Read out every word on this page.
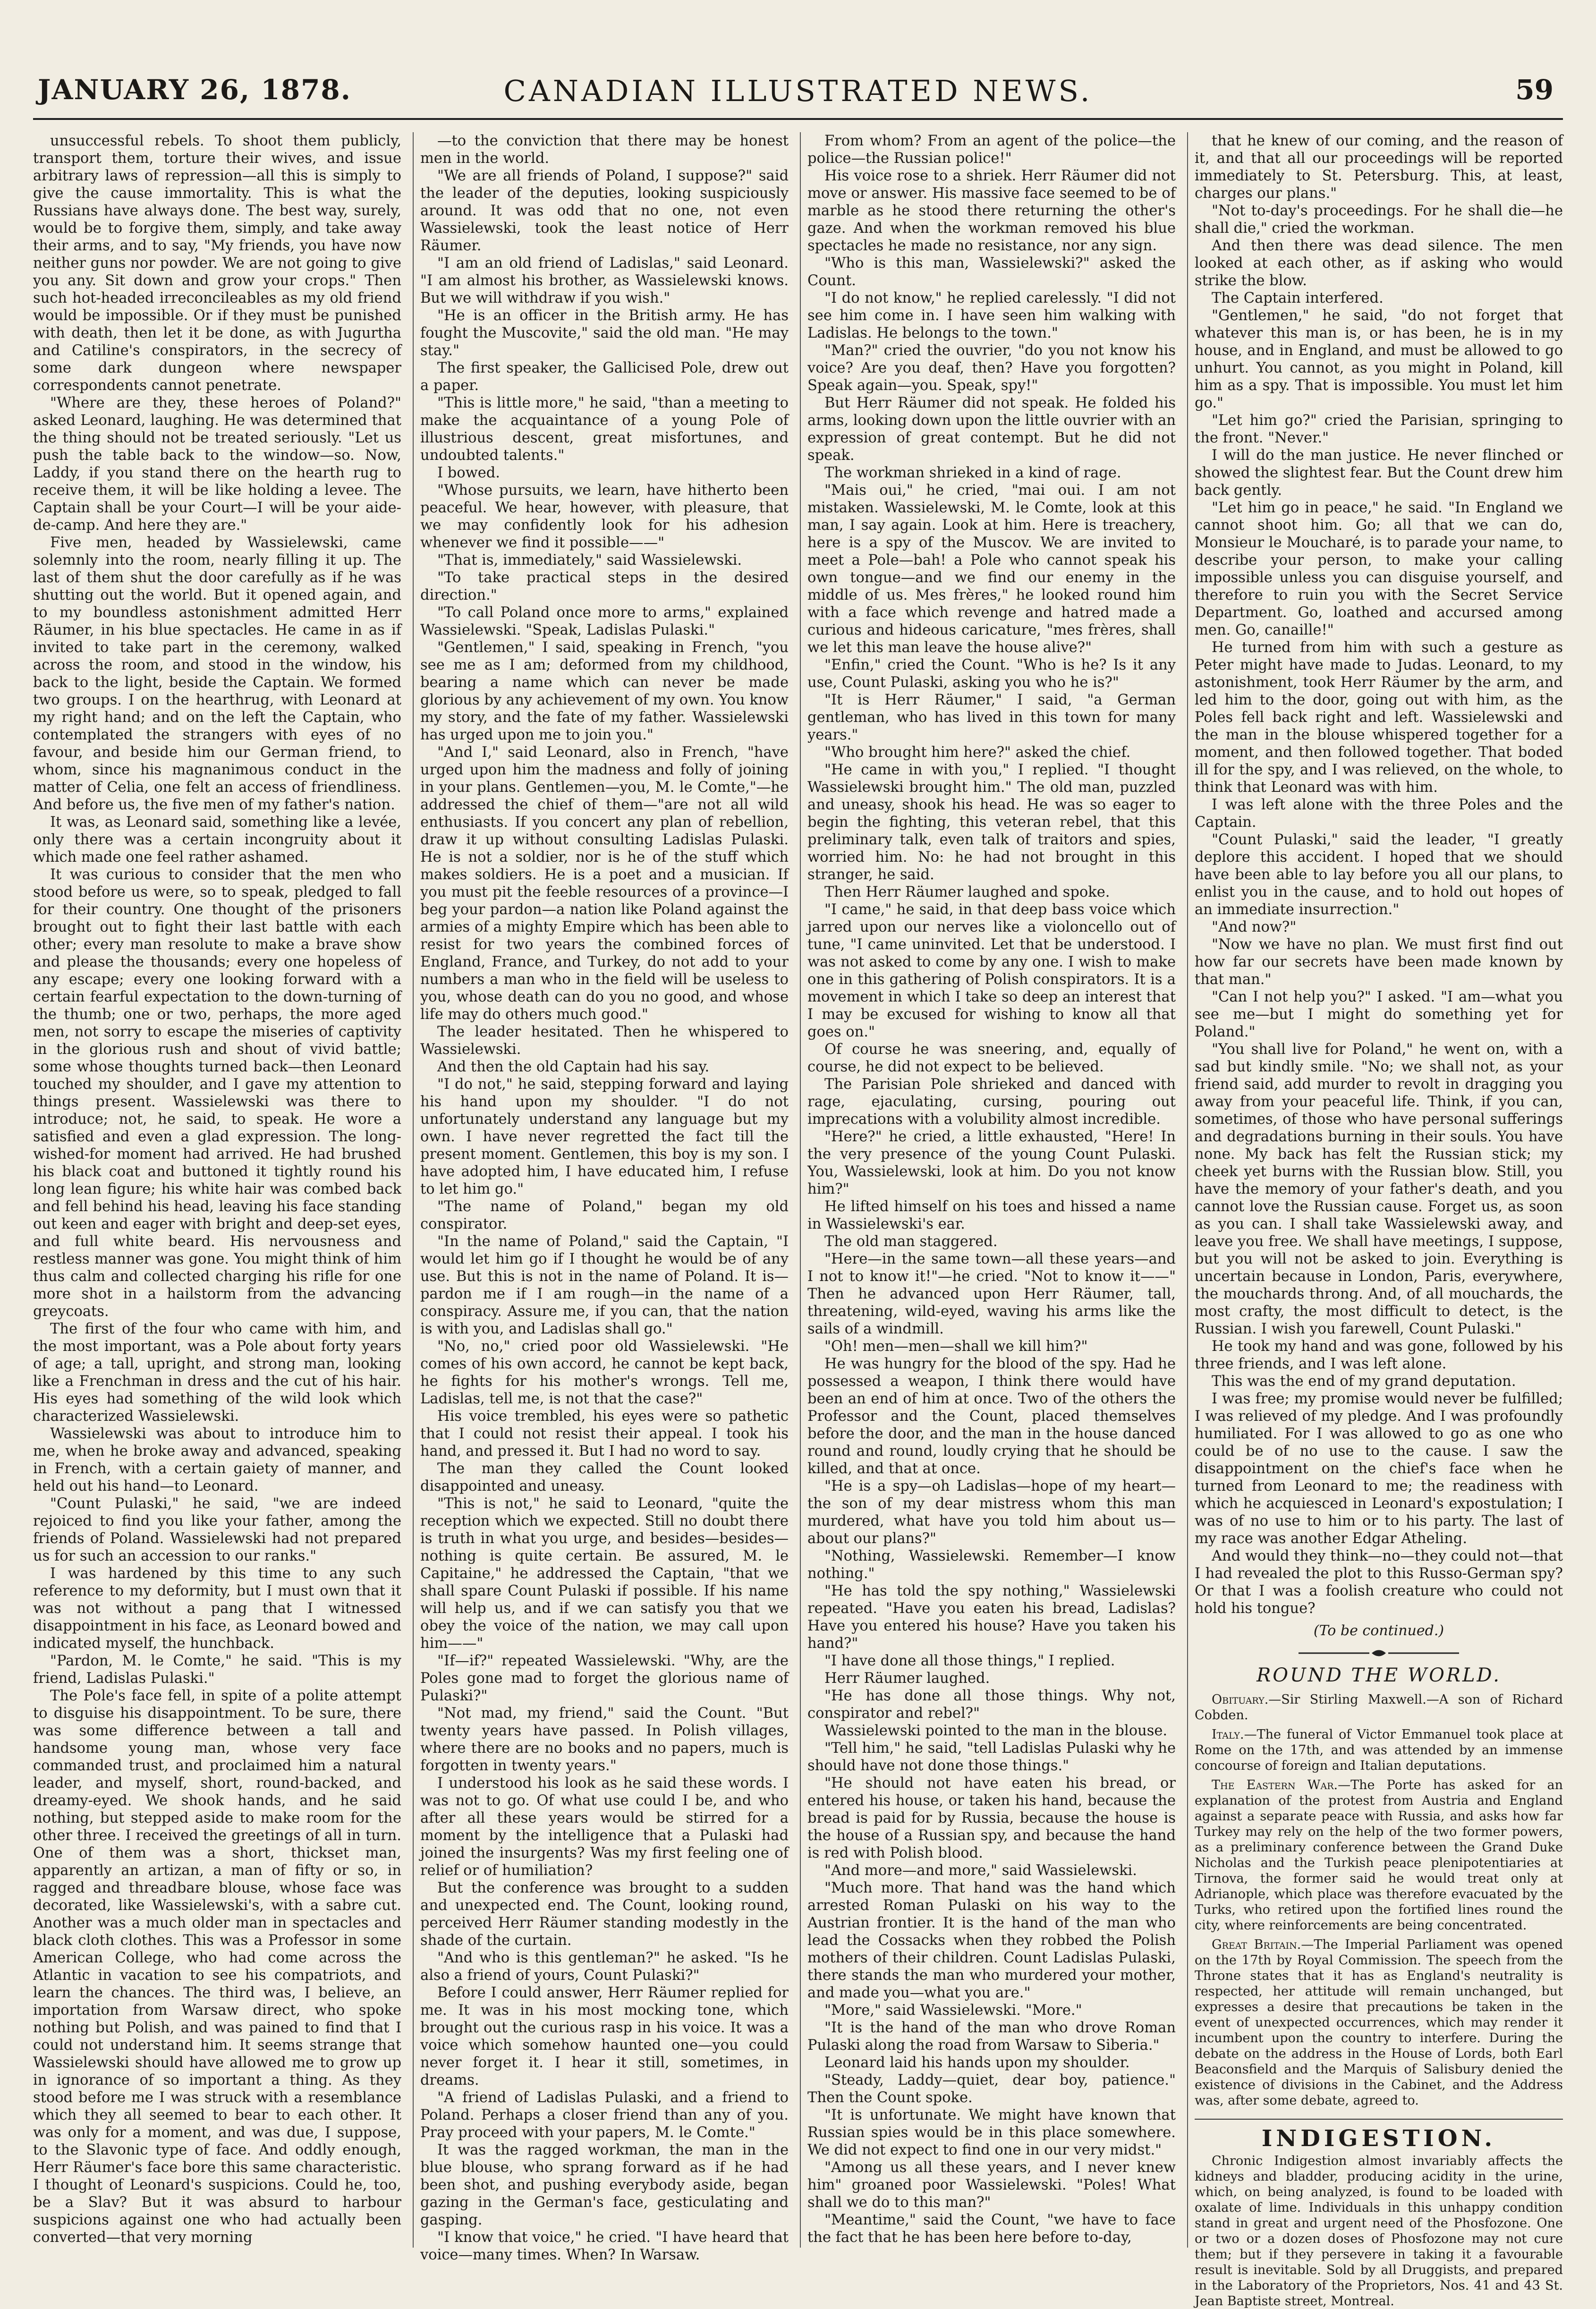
JANUARY 26, 1878.	CANADIAN ILLUSTRATED NEWS.	59

unsuccessful rebels. To shoot them publicly, transport them, torture their wives, and issue arbitrary laws of repression—all this is simply to give the cause immortality. This is what the Russians have always done. The best way, surely, would be to forgive them, simply, and take away their arms, and to say, "My friends, you have now neither guns nor powder. We are not going to give you any. Sit down and grow your crops." Then such hot-headed irreconcileables as my old friend would be impossible. Or if they must be punished with death, then let it be done, as with Jugurtha and Catiline's conspirators, in the secrecy of some dark dungeon where newspaper correspondents cannot penetrate.

"Where are they, these heroes of Poland?" asked Leonard, laughing. He was determined that the thing should not be treated seriously. "Let us push the table back to the window—so. Now, Laddy, if you stand there on the hearth rug to receive them, it will be like holding a levee. The Captain shall be your Court—I will be your aide-de-camp. And here they are."

Five men, headed by Wassielewski, came solemnly into the room, nearly filling it up. The last of them shut the door carefully as if he was shutting out the world. But it opened again, and to my boundless astonishment admitted Herr Räumer, in his blue spectacles. He came in as if invited to take part in the ceremony, walked across the room, and stood in the window, his back to the light, beside the Captain. We formed two groups. I on the hearthrug, with Leonard at my right hand; and on the left the Captain, who contemplated the strangers with eyes of no favour, and beside him our German friend, to whom, since his magnanimous conduct in the matter of Celia, one felt an access of friendliness. And before us, the five men of my father's nation.

It was, as Leonard said, something like a levée, only there was a certain incongruity about it which made one feel rather ashamed.

It was curious to consider that the men who stood before us were, so to speak, pledged to fall for their country. One thought of the prisoners brought out to fight their last battle with each other; every man resolute to make a brave show and please the thousands; every one hopeless of any escape; every one looking forward with a certain fearful expectation to the down-turning of the thumb; one or two, perhaps, the more aged men, not sorry to escape the miseries of captivity in the glorious rush and shout of vivid battle; some whose thoughts turned back—then Leonard touched my shoulder, and I gave my attention to things present. Wassielewski was there to introduce; not, he said, to speak. He wore a satisfied and even a glad expression. The long-wished-for moment had arrived. He had brushed his black coat and buttoned it tightly round his long lean figure; his white hair was combed back and fell behind his head, leaving his face standing out keen and eager with bright and deep-set eyes, and full white beard. His nervousness and restless manner was gone. You might think of him thus calm and collected charging his rifle for one more shot in a hailstorm from the advancing greycoats.

The first of the four who came with him, and the most important, was a Pole about forty years of age; a tall, upright, and strong man, looking like a Frenchman in dress and the cut of his hair. His eyes had something of the wild look which characterized Wassielewski.

Wassielewski was about to introduce him to me, when he broke away and advanced, speaking in French, with a certain gaiety of manner, and held out his hand—to Leonard.

"Count Pulaski," he said, "we are indeed rejoiced to find you like your father, among the friends of Poland. Wassielewski had not prepared us for such an accession to our ranks."

I was hardened by this time to any such reference to my deformity, but I must own that it was not without a pang that I witnessed disappointment in his face, as Leonard bowed and indicated myself, the hunchback.

"Pardon, M. le Comte," he said. "This is my friend, Ladislas Pulaski."

The Pole's face fell, in spite of a polite attempt to disguise his disappointment. To be sure, there was some difference between a tall and handsome young man, whose very face commanded trust, and proclaimed him a natural leader, and myself, short, round-backed, and dreamy-eyed. We shook hands, and he said nothing, but stepped aside to make room for the other three. I received the greetings of all in turn. One of them was a short, thickset man, apparently an artizan, a man of fifty or so, in ragged and threadbare blouse, whose face was decorated, like Wassielewski's, with a sabre cut. Another was a much older man in spectacles and black cloth clothes. This was a Professor in some American College, who had come across the Atlantic in vacation to see his compatriots, and learn the chances. The third was, I believe, an importation from Warsaw direct, who spoke nothing but Polish, and was pained to find that I could not understand him. It seems strange that Wassielewski should have allowed me to grow up in ignorance of so important a thing. As they stood before me I was struck with a resemblance which they all seemed to bear to each other. It was only for a moment, and was due, I suppose, to the Slavonic type of face. And oddly enough, Herr Räumer's face bore this same characteristic. I thought of Leonard's suspicions. Could he, too, be a Slav? But it was absurd to harbour suspicions against one who had actually been converted—that very morning

—to the conviction that there may be honest men in the world.

"We are all friends of Poland, I suppose?" said the leader of the deputies, looking suspiciously around. It was odd that no one, not even Wassielewski, took the least notice of Herr Räumer.

"I am an old friend of Ladislas," said Leonard. "I am almost his brother, as Wassielewski knows. But we will withdraw if you wish."

"He is an officer in the British army. He has fought the Muscovite," said the old man. "He may stay."

The first speaker, the Gallicised Pole, drew out a paper.

"This is little more," he said, "than a meeting to make the acquaintance of a young Pole of illustrious descent, great misfortunes, and undoubted talents."

I bowed.

"Whose pursuits, we learn, have hitherto been peaceful. We hear, however, with pleasure, that we may confidently look for his adhesion whenever we find it possible——"

"That is, immediately," said Wassielewski.

"To take practical steps in the desired direction."

"To call Poland once more to arms," explained Wassielewski. "Speak, Ladislas Pulaski."

"Gentlemen," I said, speaking in French, "you see me as I am; deformed from my childhood, bearing a name which can never be made glorious by any achievement of my own. You know my story, and the fate of my father. Wassielewski has urged upon me to join you."

"And I," said Leonard, also in French, "have urged upon him the madness and folly of joining in your plans. Gentlemen—you, M. le Comte,"—he addressed the chief of them—"are not all wild enthusiasts. If you concert any plan of rebellion, draw it up without consulting Ladislas Pulaski. He is not a soldier, nor is he of the stuff which makes soldiers. He is a poet and a musician. If you must pit the feeble resources of a province—I beg your pardon—a nation like Poland against the armies of a mighty Empire which has been able to resist for two years the combined forces of England, France, and Turkey, do not add to your numbers a man who in the field will be useless to you, whose death can do you no good, and whose life may do others much good."

The leader hesitated. Then he whispered to Wassielewski.

And then the old Captain had his say.

"I do not," he said, stepping forward and laying his hand upon my shoulder. "I do not unfortunately understand any language but my own. I have never regretted the fact till the present moment. Gentlemen, this boy is my son. I have adopted him, I have educated him, I refuse to let him go."

"The name of Poland," began my old conspirator.

"In the name of Poland," said the Captain, "I would let him go if I thought he would be of any use. But this is not in the name of Poland. It is—pardon me if I am rough—in the name of a conspiracy. Assure me, if you can, that the nation is with you, and Ladislas shall go."

"No, no," cried poor old Wassielewski. "He comes of his own accord, he cannot be kept back, he fights for his mother's wrongs. Tell me, Ladislas, tell me, is not that the case?"

His voice trembled, his eyes were so pathetic that I could not resist their appeal. I took his hand, and pressed it. But I had no word to say.

The man they called the Count looked disappointed and uneasy.

"This is not," he said to Leonard, "quite the reception which we expected. Still no doubt there is truth in what you urge, and besides—besides—nothing is quite certain. Be assured, M. le Capitaine," he addressed the Captain, "that we shall spare Count Pulaski if possible. If his name will help us, and if we can satisfy you that we obey the voice of the nation, we may call upon him——"

"If—if?" repeated Wassielewski. "Why, are the Poles gone mad to forget the glorious name of Pulaski?"

"Not mad, my friend," said the Count. "But twenty years have passed. In Polish villages, where there are no books and no papers, much is forgotten in twenty years."

I understood his look as he said these words. I was not to go. Of what use could I be, and who after all these years would be stirred for a moment by the intelligence that a Pulaski had joined the insurgents? Was my first feeling one of relief or of humiliation?

But the conference was brought to a sudden and unexpected end. The Count, looking round, perceived Herr Räumer standing modestly in the shade of the curtain.

"And who is this gentleman?" he asked. "Is he also a friend of yours, Count Pulaski?"

Before I could answer, Herr Räumer replied for me. It was in his most mocking tone, which brought out the curious rasp in his voice. It was a voice which somehow haunted one—you could never forget it. I hear it still, sometimes, in dreams.

"A friend of Ladislas Pulaski, and a friend to Poland. Perhaps a closer friend than any of you. Pray proceed with your papers, M. le Comte."

It was the ragged workman, the man in the blue blouse, who sprang forward as if he had been shot, and pushing everybody aside, began gazing in the German's face, gesticulating and gasping.

"I know that voice," he cried. "I have heard that voice—many times. When? In Warsaw.

From whom? From an agent of the police—the police—the Russian police!"

His voice rose to a shriek. Herr Räumer did not move or answer. His massive face seemed to be of marble as he stood there returning the other's gaze. And when the workman removed his blue spectacles he made no resistance, nor any sign.

"Who is this man, Wassielewski?" asked the Count.

"I do not know," he replied carelessly. "I did not see him come in. I have seen him walking with Ladislas. He belongs to the town."

"Man?" cried the ouvrier, "do you not know his voice? Are you deaf, then? Have you forgotten? Speak again—you. Speak, spy!"

But Herr Räumer did not speak. He folded his arms, looking down upon the little ouvrier with an expression of great contempt. But he did not speak.

The workman shrieked in a kind of rage.

"Mais oui," he cried, "mai oui. I am not mistaken. Wassielewski, M. le Comte, look at this man, I say again. Look at him. Here is treachery, here is a spy of the Muscov. We are invited to meet a Pole—bah! a Pole who cannot speak his own tongue—and we find our enemy in the middle of us. Mes frères," he looked round him with a face which revenge and hatred made a curious and hideous caricature, "mes frères, shall we let this man leave the house alive?"

"Enfin," cried the Count. "Who is he? Is it any use, Count Pulaski, asking you who he is?"

"It is Herr Räumer," I said, "a German gentleman, who has lived in this town for many years."

"Who brought him here?" asked the chief.

"He came in with you," I replied. "I thought Wassielewski brought him." The old man, puzzled and uneasy, shook his head. He was so eager to begin the fighting, this veteran rebel, that this preliminary talk, even talk of traitors and spies, worried him. No: he had not brought in this stranger, he said.

Then Herr Räumer laughed and spoke.

"I came," he said, in that deep bass voice which jarred upon our nerves like a violoncello out of tune, "I came uninvited. Let that be understood. I was not asked to come by any one. I wish to make one in this gathering of Polish conspirators. It is a movement in which I take so deep an interest that I may be excused for wishing to know all that goes on."

Of course he was sneering, and, equally of course, he did not expect to be believed.

The Parisian Pole shrieked and danced with rage, ejaculating, cursing, pouring out imprecations with a volubility almost incredible.

"Here?" he cried, a little exhausted, "Here! In the very presence of the young Count Pulaski. You, Wassielewski, look at him. Do you not know him?"

He lifted himself on his toes and hissed a name in Wassielewski's ear.

The old man staggered.

"Here—in the same town—all these years—and I not to know it!"—he cried. "Not to know it——" Then he advanced upon Herr Räumer, tall, threatening, wild-eyed, waving his arms like the sails of a windmill.

"Oh! men—men—shall we kill him?"

He was hungry for the blood of the spy. Had he possessed a weapon, I think there would have been an end of him at once. Two of the others the Professor and the Count, placed themselves before the door, and the man in the house danced round and round, loudly crying that he should be killed, and that at once.

"He is a spy—oh Ladislas—hope of my heart—the son of my dear mistress whom this man murdered, what have you told him about us—about our plans?"

"Nothing, Wassielewski. Remember—I know nothing."

"He has told the spy nothing," Wassielewski repeated. "Have you eaten his bread, Ladislas? Have you entered his house? Have you taken his hand?"

"I have done all those things," I replied.

Herr Räumer laughed.

"He has done all those things. Why not, conspirator and rebel?"

Wassielewski pointed to the man in the blouse.

"Tell him," he said, "tell Ladislas Pulaski why he should have not done those things."

"He should not have eaten his bread, or entered his house, or taken his hand, because the bread is paid for by Russia, because the house is the house of a Russian spy, and because the hand is red with Polish blood.

"And more—and more," said Wassielewski.

"Much more. That hand was the hand which arrested Roman Pulaski on his way to the Austrian frontier. It is the hand of the man who lead the Cossacks when they robbed the Polish mothers of their children. Count Ladislas Pulaski, there stands the man who murdered your mother, and made you—what you are."

"More," said Wassielewski. "More."

"It is the hand of the man who drove Roman Pulaski along the road from Warsaw to Siberia."

Leonard laid his hands upon my shoulder.

"Steady, Laddy—quiet, dear boy, patience." Then the Count spoke.

"It is unfortunate. We might have known that Russian spies would be in this place somewhere. We did not expect to find one in our very midst."

"Among us all these years, and I never knew him" groaned poor Wassielewski. "Poles! What shall we do to this man?"

"Meantime," said the Count, "we have to face the fact that he has been here before to-day,

that he knew of our coming, and the reason of it, and that all our proceedings will be reported immediately to St. Petersburg. This, at least, charges our plans."

"Not to-day's proceedings. For he shall die—he shall die," cried the workman.

And then there was dead silence. The men looked at each other, as if asking who would strike the blow.

The Captain interfered.

"Gentlemen," he said, "do not forget that whatever this man is, or has been, he is in my house, and in England, and must be allowed to go unhurt. You cannot, as you might in Poland, kill him as a spy. That is impossible. You must let him go."

"Let him go?" cried the Parisian, springing to the front. "Never."

I will do the man justice. He never flinched or showed the slightest fear. But the Count drew him back gently.

"Let him go in peace," he said. "In England we cannot shoot him. Go; all that we can do, Monsieur le Moucharé, is to parade your name, to describe your person, to make your calling impossible unless you can disguise yourself, and therefore to ruin you with the Secret Service Department. Go, loathed and accursed among men. Go, canaille!"

He turned from him with such a gesture as Peter might have made to Judas. Leonard, to my astonishment, took Herr Räumer by the arm, and led him to the door, going out with him, as the Poles fell back right and left. Wassielewski and the man in the blouse whispered together for a moment, and then followed together. That boded ill for the spy, and I was relieved, on the whole, to think that Leonard was with him.

I was left alone with the three Poles and the Captain.

"Count Pulaski," said the leader, "I greatly deplore this accident. I hoped that we should have been able to lay before you all our plans, to enlist you in the cause, and to hold out hopes of an immediate insurrection."

"And now?"

"Now we have no plan. We must first find out how far our secrets have been made known by that man."

"Can I not help you?" I asked. "I am—what you see me—but I might do something yet for Poland."

"You shall live for Poland," he went on, with a sad but kindly smile. "No; we shall not, as your friend said, add murder to revolt in dragging you away from your peaceful life. Think, if you can, sometimes, of those who have personal sufferings and degradations burning in their souls. You have none. My back has felt the Russian stick; my cheek yet burns with the Russian blow. Still, you have the memory of your father's death, and you cannot love the Russian cause. Forget us, as soon as you can. I shall take Wassielewski away, and leave you free. We shall have meetings, I suppose, but you will not be asked to join. Everything is uncertain because in London, Paris, everywhere, the mouchards throng. And, of all mouchards, the most crafty, the most difficult to detect, is the Russian. I wish you farewell, Count Pulaski."

He took my hand and was gone, followed by his three friends, and I was left alone.

This was the end of my grand deputation.

I was free; my promise would never be fulfilled; I was relieved of my pledge. And I was profoundly humiliated. For I was allowed to go as one who could be of no use to the cause. I saw the disappointment on the chief's face when he turned from Leonard to me; the readiness with which he acquiesced in Leonard's expostulation; I was of no use to him or to his party. The last of my race was another Edgar Atheling.

And would they think—no—they could not—that I had revealed the plot to this Russo-German spy? Or that I was a foolish creature who could not hold his tongue?

(To be continued.)
ROUND THE WORLD.

Obituary.—Sir Stirling Maxwell.—A son of Richard Cobden.

Italy.—The funeral of Victor Emmanuel took place at Rome on the 17th, and was attended by an immense concourse of foreign and Italian deputations.

The Eastern War.—The Porte has asked for an explanation of the protest from Austria and England against a separate peace with Russia, and asks how far Turkey may rely on the help of the two former powers, as a preliminary conference between the Grand Duke Nicholas and the Turkish peace plenipotentiaries at Tirnova, the former said he would treat only at Adrianople, which place was therefore evacuated by the Turks, who retired upon the fortified lines round the city, where reinforcements are being concentrated.

Great Britain.—The Imperial Parliament was opened on the 17th by Royal Commission. The speech from the Throne states that it has as England's neutrality is respected, her attitude will remain unchanged, but expresses a desire that precautions be taken in the event of unexpected occurrences, which may render it incumbent upon the country to interfere. During the debate on the address in the House of Lords, both Earl Beaconsfield and the Marquis of Salisbury denied the existence of divisions in the Cabinet, and the Address was, after some debate, agreed to.

INDIGESTION.

Chronic Indigestion almost invariably affects the kidneys and bladder, producing acidity in the urine, which, on being analyzed, is found to be loaded with oxalate of lime. Individuals in this unhappy condition stand in great and urgent need of the Phosfozone. One or two or a dozen doses of Phosfozone may not cure them; but if they persevere in taking it a favourable result is inevitable. Sold by all Druggists, and prepared in the Laboratory of the Proprietors, Nos. 41 and 43 St. Jean Baptiste street, Montreal.
